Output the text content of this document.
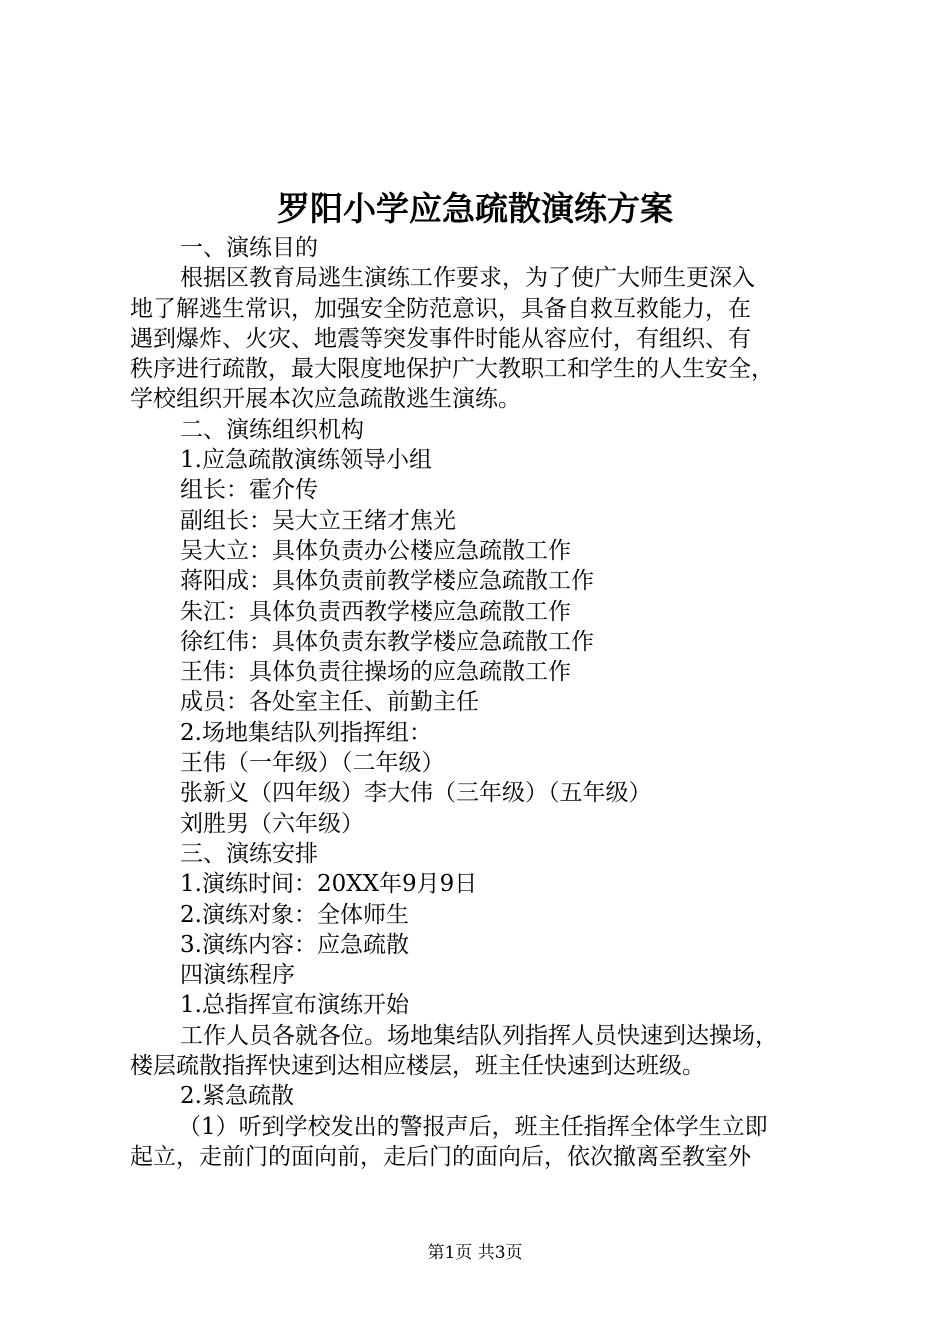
罗阳小学应急疏散演练方案

一、演练目的

根据区教育局逃生演练工作要求，为了使广大师生更深入

地了解逃生常识，加强安全防范意识，具备自救互救能力，在

遇到爆炸、火灾、地震等突发事件时能从容应付，有组织、有

秩序进行疏散，最大限度地保护广大教职工和学生的人生安全，

学校组织开展本次应急疏散逃生演练。

二、演练组织机构

1.应急疏散演练领导小组

组长：霍介传

副组长：吴大立王绪才焦光

吴大立：具体负责办公楼应急疏散工作

蒋阳成：具体负责前教学楼应急疏散工作

朱江：具体负责西教学楼应急疏散工作

徐红伟：具体负责东教学楼应急疏散工作

王伟：具体负责往操场的应急疏散工作

成员：各处室主任、前勤主任

2.场地集结队列指挥组：

王伟（一年级）（二年级）

张新义（四年级）李大伟（三年级）（五年级）

刘胜男（六年级）

三、演练安排

1.演练时间：20XX年9月9日

2.演练对象：全体师生

3.演练内容：应急疏散

四演练程序

1.总指挥宣布演练开始

工作人员各就各位。场地集结队列指挥人员快速到达操场，

楼层疏散指挥快速到达相应楼层，班主任快速到达班级。

2.紧急疏散

（1）听到学校发出的警报声后，班主任指挥全体学生立即

起立，走前门的面向前，走后门的面向后，依次撤离至教室外

第1页 共3页
